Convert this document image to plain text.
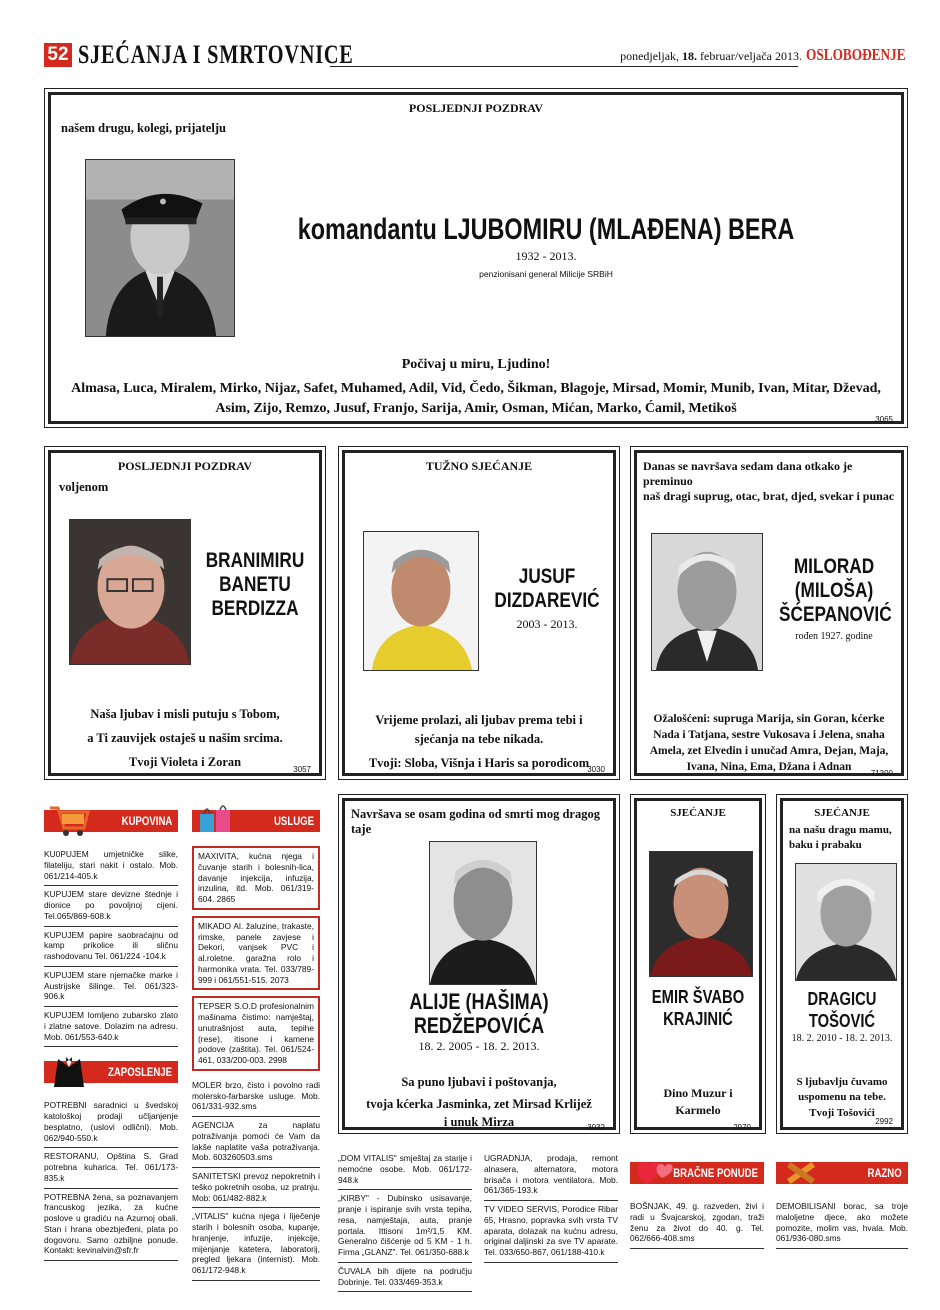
52 SJEĆANJA I SMRTOVNICE	ponedjeljak, 18. februar/veljača 2013. OSLOBOĐENJE
POSLJEDNJI POZDRAV
našem drugu, kolegi, prijatelju
komandantu LJUBOMIRU (MLAĐENA) BERA
1932 - 2013.
penzionisani general Milicije SRBiH
Počivaj u miru, Ljudino!
Almasa, Luca, Miralem, Mirko, Nijaz, Safet, Muhamed, Adil, Vid, Čedo, Šikman, Blagoje, Mirsad, Momir, Munib, Ivan, Mitar, Dževad, Asim, Zijo, Remzo, Jusuf, Franjo, Sarija, Amir, Osman, Mićan, Marko, Ćamil, Metikoš
3065
POSLJEDNJI POZDRAV
voljenom
BRANIMIRU
BANETU
BERDIZZA
Naša ljubav i misli putuju s Tobom,
a Ti zauvijek ostaješ u našim srcima.
Tvoji Violeta i Zoran
3057
TUŽNO SJEĆANJE
JUSUF
DIZDAREVIĆ
2003 - 2013.
Vrijeme prolazi, ali ljubav prema tebi i
sjećanja na tebe nikada.
Tvoji: Sloba, Višnja i Haris sa porodicom
3030
Danas se navršava sedam dana otkako je preminuo
naš dragi suprug, otac, brat, djed, svekar i punac
MILORAD
(MILOŠA)
ŠĆEPANOVIĆ
rođen 1927. godine
Ožalošćeni: supruga Marija, sin Goran, kćerke
Nada i Tatjana, sestre Vukosava i Jelena, snaha
Amela, zet Elvedin i unučad Amra, Dejan, Maja,
Ivana, Nina, Ema, Džana i Adnan
71300
Navršava se osam godina od smrti mog dragog
taje
ALIJE (HAŠIMA)
REDŽEPOVIĆA
18. 2. 2005 - 18. 2. 2013.
Sa puno ljubavi i poštovanja,
tvoja kćerka Jasminka, zet Mirsad Krlijež
i unuk Mirza	3032
SJEĆANJE
EMIR ŠVABO
KRAJINIĆ
Dino Muzur i
Karmelo
2970
SJEĆANJE
na našu dragu mamu,
baku i prabaku
DRAGICU
TOŠOVIĆ
18. 2. 2010 - 18. 2. 2013.
S ljubavlju čuvamo
uspomenu na tebe.
Tvoji Tošovići
2992
KUPOVINA
KU0PUJEM umjetničke slike, filatеliju, stari nakit i ostalo. Mob. 061/214-405.k
KUPUJEM stare devizne štednje i dionice po povoljnoj cijeni. Tel.065/869-608.k
KUPUJEM papire saobraćajnu od kamp prikolice ili sličnu rashodovanu Tel. 061/224 -104.k
KUPUJEM stare njemačke marke i Austrijske šilinge. Tel. 061/323-906.k
KUPUJEM lomljeno zubarsko zlato i zlatne satove. Dolazim na adresu. Mob. 061/553-640.k
ZAPOSLENJE
POTREBNI saradnici u švedskoj katološkoj prodaji učljanjenje besplatno, (uslovi odlični). Mob. 062/940-550.k
RESTORANU, Opština S. Grad potrebna kuharica. Tel. 061/173-835.k
POTREBNA žena, sa poznavanjem francuskog jezika, za kućne poslove u gradiću na Azurnoj obali. Stan i hrana obezbjeđeni, plata po dogovoru. Samo ozbiljne ponude. Kontakt: kevinalvin@sfr.fr
USLUGE
MAXIVITA, kućna njega i čuvanje starih i bolesnih-lica, davanje injekcija, infuzija, inzulina, itd. Mob. 061/319-604. 2865
MIKADO Al. žaluzine, trakaste, rimske, panele zavjese i Dekori, vanjsek PVC i al.roletne. garažna rolo i harmonika vrata. Tel. 033/789-999 i 061/551-515. 2073
TEPSER S.O.D profesionalnim mašinama čistimo: namještaj, unutrašnjost auta, tepihe (rese), itisone i kamene podove (zaštita). Tel. 061/524-461, 033/200-003. 2998
MOLER brzo, čisto i povolno radi molersko-farbarske usluge. Mob. 061/331-932.sms
AGENCIJA za naplatu potraživanja pomoći će Vam da lakše naplatite vaša potraživanja. Mob. 603260503.sms
SANITETSKI prevoz nepokretnih i teško pokretnih osoba, uz pratnju. Mob: 061/482-882.k
„VITALIS" kućna njega i liječenje starih i bolesnih osoba, kupanje, hranjenje, infuzije, injekcije, mijenjanje katetera, laboratorij, pregled ljekara (internist). Mob. 061/172-948.k
„DOM VITALIS" smještaj za starije i nemoćne osobe. Mob. 061/172-948.k
„KIRBY" - Dubinsko usisavanje, pranje i ispiranje svih vrsta tepiha, resa, namještaja, auta, pranje portala. Ittisoni 1m²/1,5 KM. Generalno čišćenje od 5 KM - 1 h. Firma „GLANZ". Tel. 061/350-688.k
ČUVALA bih dijete na području Dobrinje. Tel. 033/469-353.k
UGRADNJA, prodaja, remont alnasera, alternatora, motora brisača i motora ventilatora. Mob. 061/365-193.k
TV VIDEO SERVIS, Porodice Ribar 65, Hrasno, popravka svih vrsta TV aparata, dolazak na kućnu adresu, original daljinski za sve TV aparate. Tel. 033/650-867, 061/188-410.k
BRAČNE PONUDE
BOŠNJAK, 49. g. razveden, živi i radi u Švajcarskoj, zgodan, traži ženu za život do 40. g. Tel. 062/666-408.sms
RAZNO
DEMOBILISANI borac, sa troje maloljetne djece, ako možete pomozite, molim vas, hvala. Mob. 061/936-080.sms
